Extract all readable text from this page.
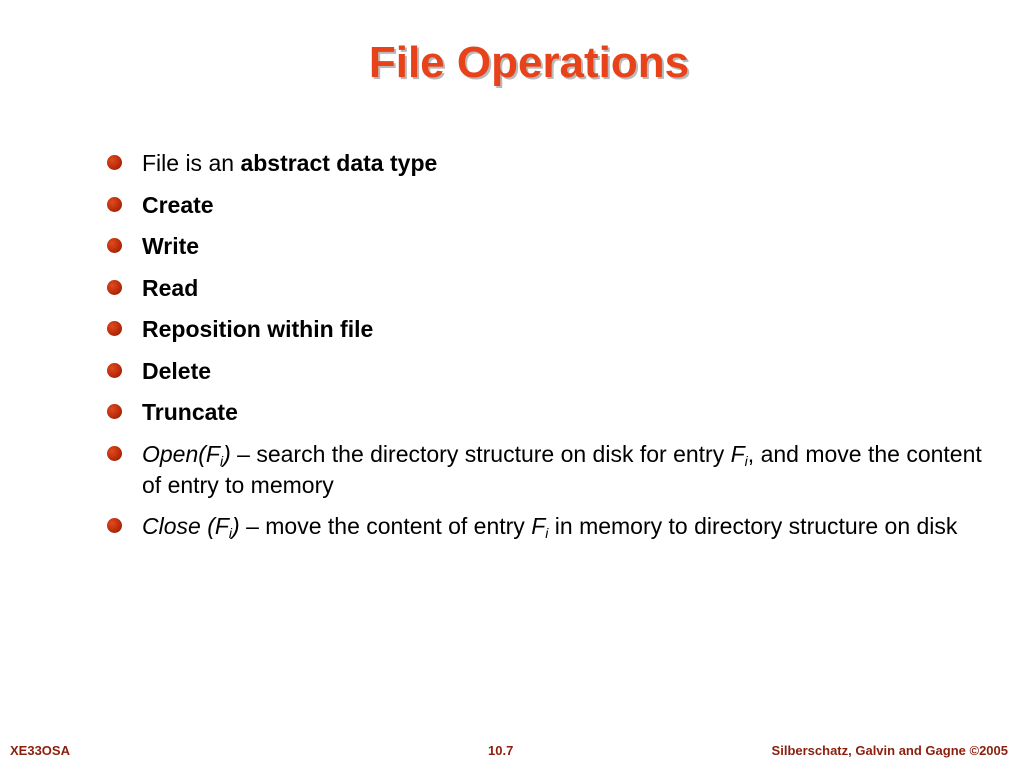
File Operations
File is an abstract data type
Create
Write
Read
Reposition within file
Delete
Truncate
$Open(F_i)$ – search the directory structure on disk for entry $F_i$, and move the content of entry to memory
Close $(F_i)$ – move the content of entry $F_i$ in memory to directory structure on disk
XE33OSA	10.7	Silberschatz, Galvin and Gagne ©2005
